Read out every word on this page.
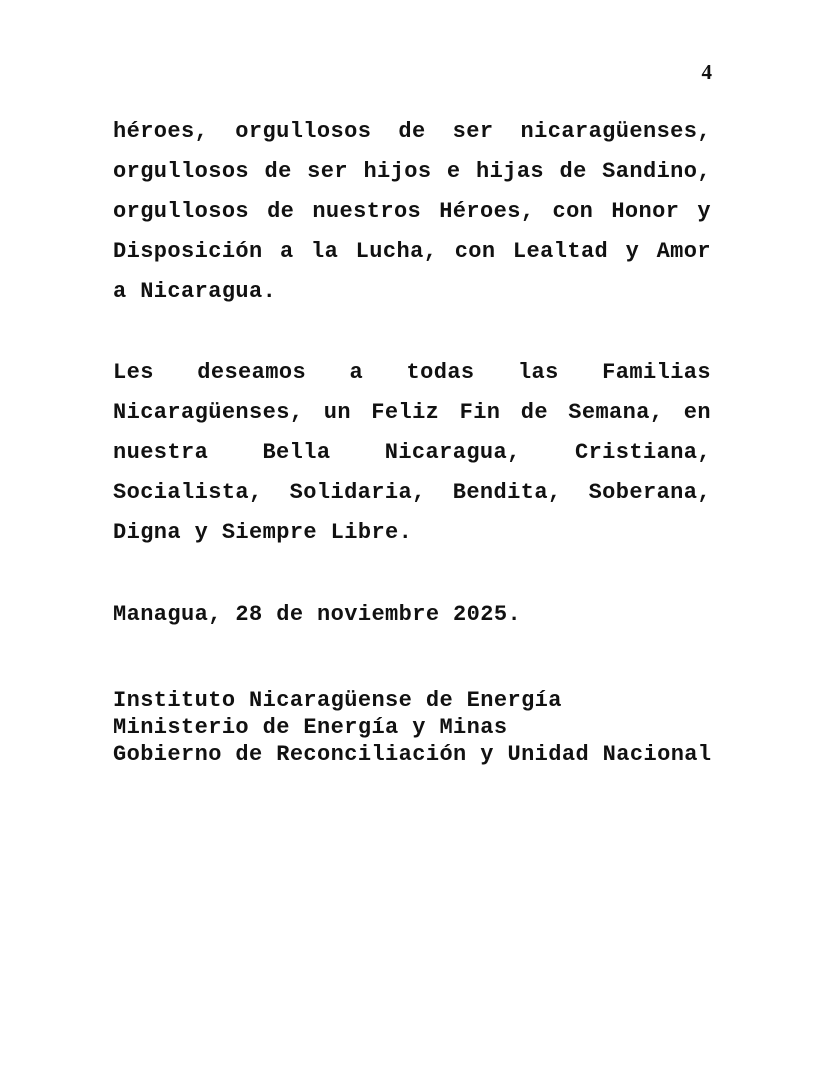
4

héroes, orgullosos de ser nicaragüenses, orgullosos de ser hijos e hijas de Sandino, orgullosos de nuestros Héroes, con Honor y Disposición a la Lucha, con Lealtad y Amor a Nicaragua.

Les deseamos a todas las Familias Nicaragüenses, un Feliz Fin de Semana, en nuestra Bella Nicaragua, Cristiana, Socialista, Solidaria, Bendita, Soberana, Digna y Siempre Libre.

Managua, 28 de noviembre 2025.

Instituto Nicaragüense de Energía
Ministerio de Energía y Minas
Gobierno de Reconciliación y Unidad Nacional
